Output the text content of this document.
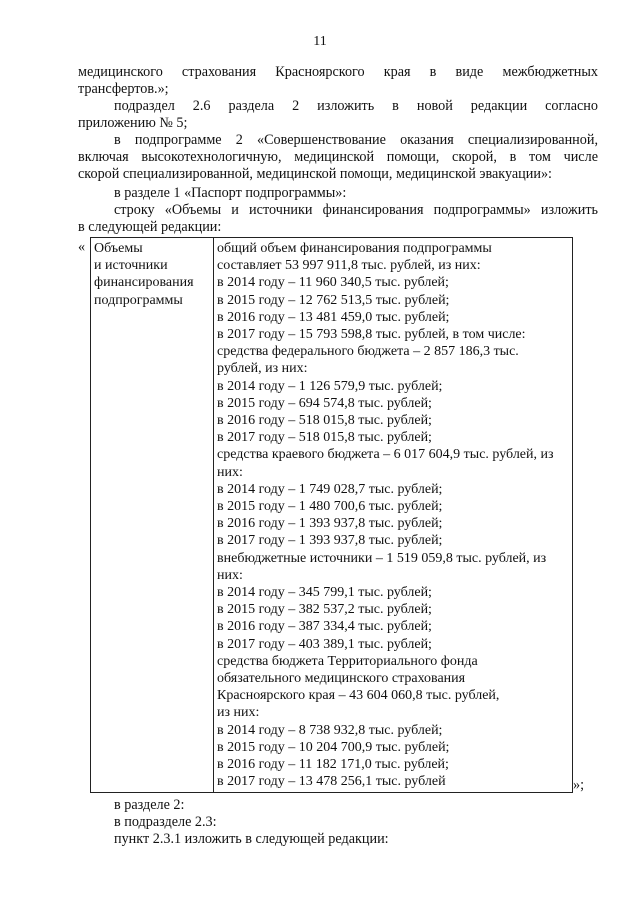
11
медицинского страхования Красноярского края в виде межбюджетных
трансфертов.»;
подраздел 2.6 раздела 2 изложить в новой редакции согласно
приложению № 5;
в подпрограмме 2 «Совершенствование оказания специализированной,
включая высокотехнологичную, медицинской помощи, скорой, в том числе
скорой специализированной, медицинской помощи, медицинской эвакуации»:
в разделе 1 «Паспорт подпрограммы»:
строку «Объемы и источники финансирования подпрограммы» изложить
в следующей редакции:
« Объемы
и источники
финансирования
подпрограммы
общий объем финансирования подпрограммы
составляет 53 997 911,8 тыс. рублей, из них:
в 2014 году – 11 960 340,5 тыс. рублей;
в 2015 году – 12 762 513,5 тыс. рублей;
в 2016 году – 13 481 459,0 тыс. рублей;
в 2017 году – 15 793 598,8 тыс. рублей, в том числе:
средства федерального бюджета – 2 857 186,3 тыс.
рублей, из них:
в 2014 году – 1 126 579,9 тыс. рублей;
в 2015 году – 694 574,8 тыс. рублей;
в 2016 году – 518 015,8 тыс. рублей;
в 2017 году – 518 015,8 тыс. рублей;
средства краевого бюджета – 6 017 604,9 тыс. рублей, из
них:
в 2014 году – 1 749 028,7 тыс. рублей;
в 2015 году – 1 480 700,6 тыс. рублей;
в 2016 году – 1 393 937,8 тыс. рублей;
в 2017 году – 1 393 937,8 тыс. рублей;
внебюджетные источники – 1 519 059,8 тыс. рублей, из
них:
в 2014 году – 345 799,1 тыс. рублей;
в 2015 году – 382 537,2 тыс. рублей;
в 2016 году – 387 334,4 тыс. рублей;
в 2017 году – 403 389,1 тыс. рублей;
средства бюджета Территориального фонда
обязательного медицинского страхования
Красноярского края – 43 604 060,8 тыс. рублей,
из них:
в 2014 году – 8 738 932,8 тыс. рублей;
в 2015 году – 10 204 700,9 тыс. рублей;
в 2016 году – 11 182 171,0 тыс. рублей;
в 2017 году – 13 478 256,1 тыс. рублей	»;
в разделе 2:
в подразделе 2.3:
пункт 2.3.1 изложить в следующей редакции:
